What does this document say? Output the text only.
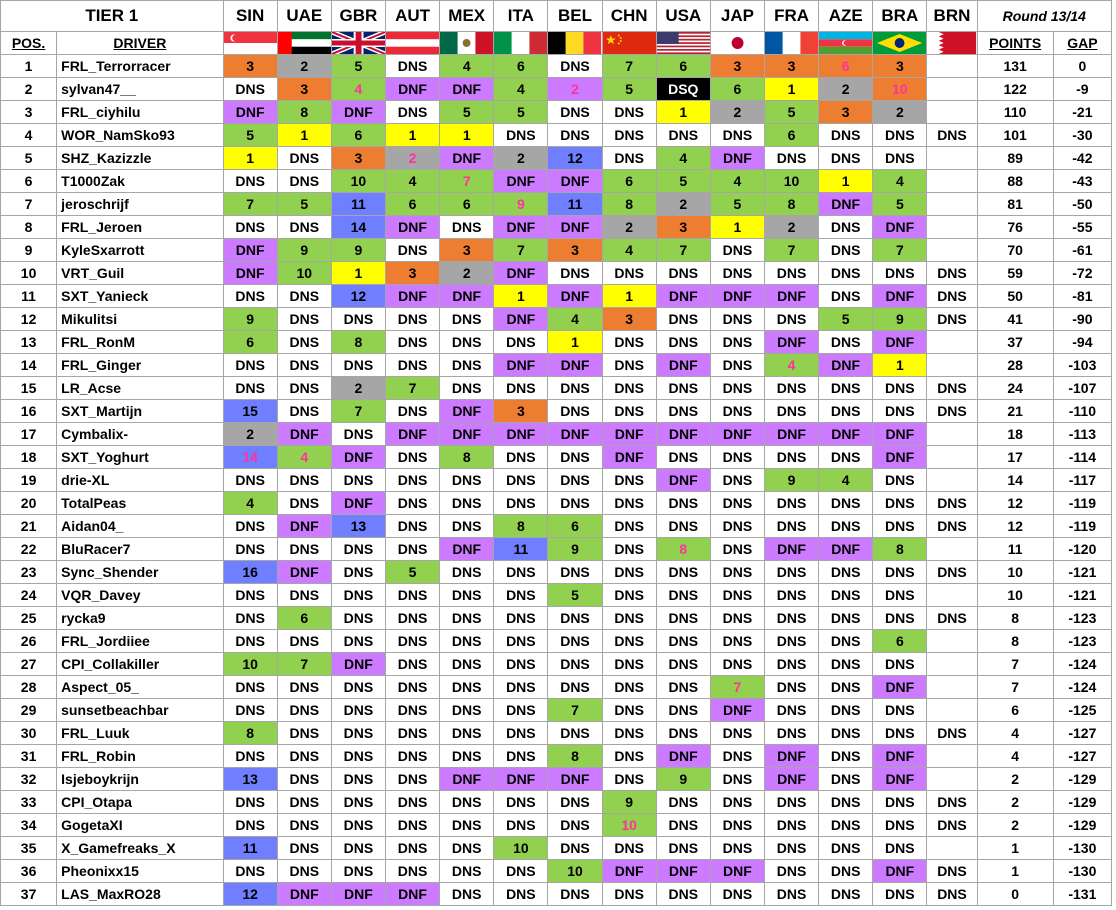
TIER 1		SIN	UAE	GBR	AUT	MEX	ITA	BEL	CHN	USA	JAP	FRA	AZE	BRA	BRN	Round 13/14	
POS.	DRIVER															POINTS	GAP
1	FRL_Terrorracer	3	2	5	DNS	4	6	DNS	7	6	3	3	6	3		131	0
2	sylvan47__	DNS	3	4	DNF	DNF	4	2	5	DSQ	6	1	2	10		122	-9
3	FRL_ciyhilu	DNF	8	DNF	DNS	5	5	DNS	DNS	1	2	5	3	2		110	-21
4	WOR_NamSko93	5	1	6	1	1	DNS	DNS	DNS	DNS	DNS	6	DNS	DNS	DNS	101	-30
5	SHZ_Kazizzle	1	DNS	3	2	DNF	2	12	DNS	4	DNF	DNS	DNS	DNS		89	-42
6	T1000Zak	DNS	DNS	10	4	7	DNF	DNF	6	5	4	10	1	4		88	-43
7	jeroschrijf	7	5	11	6	6	9	11	8	2	5	8	DNF	5		81	-50
8	FRL_Jeroen	DNS	DNS	14	DNF	DNS	DNF	DNF	2	3	1	2	DNS	DNF		76	-55
9	KyleSxarrott	DNF	9	9	DNS	3	7	3	4	7	DNS	7	DNS	7		70	-61
10	VRT_Guil	DNF	10	1	3	2	DNF	DNS	DNS	DNS	DNS	DNS	DNS	DNS	DNS	59	-72
11	SXT_Yanieck	DNS	DNS	12	DNF	DNF	1	DNF	1	DNF	DNF	DNF	DNS	DNF	DNS	50	-81
12	Mikulitsi	9	DNS	DNS	DNS	DNS	DNF	4	3	DNS	DNS	DNS	5	9	DNS	41	-90
13	FRL_RonM	6	DNS	8	DNS	DNS	DNS	1	DNS	DNS	DNS	DNF	DNS	DNF		37	-94
14	FRL_Ginger	DNS	DNS	DNS	DNS	DNS	DNF	DNF	DNS	DNF	DNS	4	DNF	1		28	-103
15	LR_Acse	DNS	DNS	2	7	DNS	DNS	DNS	DNS	DNS	DNS	DNS	DNS	DNS	DNS	24	-107
16	SXT_Martijn	15	DNS	7	DNS	DNF	3	DNS	DNS	DNS	DNS	DNS	DNS	DNS	DNS	21	-110
17	Cymbalix-	2	DNF	DNS	DNF	DNF	DNF	DNF	DNF	DNF	DNF	DNF	DNF	DNF		18	-113
18	SXT_Yoghurt	14	4	DNF	DNS	8	DNS	DNS	DNF	DNS	DNS	DNS	DNS	DNF		17	-114
19	drie-XL	DNS	DNS	DNS	DNS	DNS	DNS	DNS	DNS	DNF	DNS	9	4	DNS		14	-117
20	TotalPeas	4	DNS	DNF	DNS	DNS	DNS	DNS	DNS	DNS	DNS	DNS	DNS	DNS	DNS	12	-119
21	Aidan04_	DNS	DNF	13	DNS	DNS	8	6	DNS	DNS	DNS	DNS	DNS	DNS	DNS	12	-119
22	BluRacer7	DNS	DNS	DNS	DNS	DNF	11	9	DNS	8	DNS	DNF	DNF	8		11	-120
23	Sync_Shender	16	DNF	DNS	5	DNS	DNS	DNS	DNS	DNS	DNS	DNS	DNS	DNS	DNS	10	-121
24	VQR_Davey	DNS	DNS	DNS	DNS	DNS	DNS	5	DNS	DNS	DNS	DNS	DNS	DNS		10	-121
25	rycka9	DNS	6	DNS	DNS	DNS	DNS	DNS	DNS	DNS	DNS	DNS	DNS	DNS	DNS	8	-123
26	FRL_Jordiiee	DNS	DNS	DNS	DNS	DNS	DNS	DNS	DNS	DNS	DNS	DNS	DNS	6		8	-123
27	CPI_Collakiller	10	7	DNF	DNS	DNS	DNS	DNS	DNS	DNS	DNS	DNS	DNS	DNS		7	-124
28	Aspect_05_	DNS	DNS	DNS	DNS	DNS	DNS	DNS	DNS	DNS	7	DNS	DNS	DNF		7	-124
29	sunsetbeachbar	DNS	DNS	DNS	DNS	DNS	DNS	7	DNS	DNS	DNF	DNS	DNS	DNS		6	-125
30	FRL_Luuk	8	DNS	DNS	DNS	DNS	DNS	DNS	DNS	DNS	DNS	DNS	DNS	DNS	DNS	4	-127
31	FRL_Robin	DNS	DNS	DNS	DNS	DNS	DNS	8	DNS	DNF	DNS	DNF	DNS	DNF		4	-127
32	Isjeboykrijn	13	DNS	DNS	DNS	DNF	DNF	DNF	DNS	9	DNS	DNF	DNS	DNF		2	-129
33	CPI_Otapa	DNS	DNS	DNS	DNS	DNS	DNS	DNS	9	DNS	DNS	DNS	DNS	DNS	DNS	2	-129
34	GogetaXI	DNS	DNS	DNS	DNS	DNS	DNS	DNS	10	DNS	DNS	DNS	DNS	DNS	DNS	2	-129
35	X_Gamefreaks_X	11	DNS	DNS	DNS	DNS	10	DNS	DNS	DNS	DNS	DNS	DNS	DNS		1	-130
36	Pheonixx15	DNS	DNS	DNS	DNS	DNS	DNS	10	DNF	DNF	DNF	DNS	DNS	DNF	DNS	1	-130
37	LAS_MaxRO28	12	DNF	DNF	DNF	DNS	DNS	DNS	DNS	DNS	DNS	DNS	DNS	DNS	DNS	0	-131
